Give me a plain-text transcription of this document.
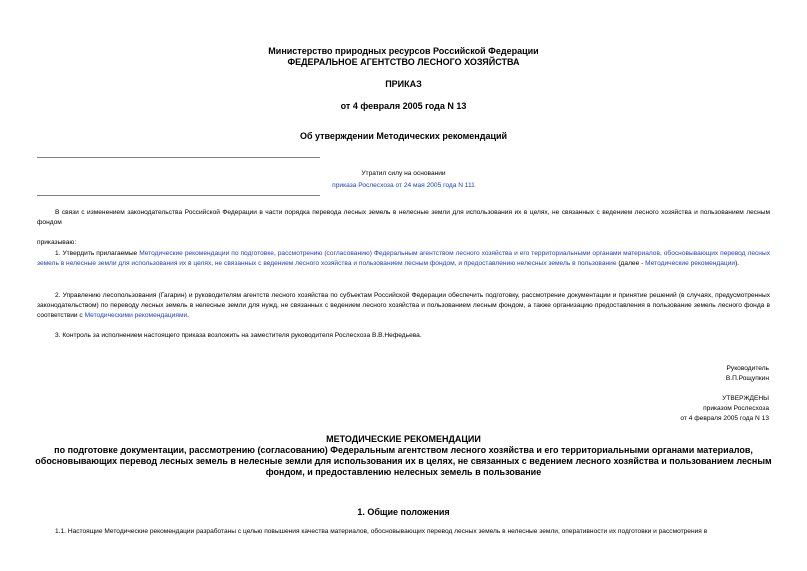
Министерство природных ресурсов Российской Федерации
ФЕДЕРАЛЬНОЕ АГЕНТСТВО ЛЕСНОГО ХОЗЯЙСТВА
ПРИКАЗ
от 4 февраля 2005 года N 13
Об утверждении Методических рекомендаций
Утратил силу на основании
приказа Рослесхоза от 24 мая 2005 года N 111
В связи с изменением законодательства Российской Федерации в части порядка перевода лесных земель в нелесные земли для использования их в целях, не связанных с ведением лесного хозяйства и пользованием лесным фондом
приказываю:
1. Утвердить прилагаемые Методические рекомендации по подготовке, рассмотрению (согласованию) Федеральным агентством лесного хозяйства и его территориальными органами материалов, обосновывающих перевод лесных земель в нелесные земли для использования их в целях, не связанных с ведением лесного хозяйства и пользованием лесным фондом, и предоставлению нелесных земель в пользование (далее - Методические рекомендации).
2. Управлению лесопользования (Гагарин) и руководителям агентств лесного хозяйства по субъектам Российской Федерации обеспечить подготовку, рассмотрение документации и принятие решений (в случаях, предусмотренных законодательством) по переводу лесных земель в нелесные земли для нужд, не связанных с ведением лесного хозяйства и пользованием лесным фондом, а также организацию предоставления в пользование земель лесного фонда в соответствии с Методическими рекомендациями.
3. Контроль за исполнением настоящего приказа возложить на заместителя руководителя Рослесхоза В.В.Нефедьева.
Руководитель
В.П.Рощупкин
УТВЕРЖДЕНЫ
приказом Рослесхоза
от 4 февраля 2005 года N 13
МЕТОДИЧЕСКИЕ РЕКОМЕНДАЦИИ
по подготовке документации, рассмотрению (согласованию) Федеральным агентством лесного хозяйства и его территориальными органами материалов,
обосновывающих перевод лесных земель в нелесные земли для использования их в целях, не связанных с ведением лесного хозяйства и пользованием лесным
фондом, и предоставлению нелесных земель в пользование
1. Общие положения
1.1. Настоящие Методические рекомендации разработаны с целью повышения качества материалов, обосновывающих перевод лесных земель в нелесные земли, оперативности их подготовки и рассмотрения в
